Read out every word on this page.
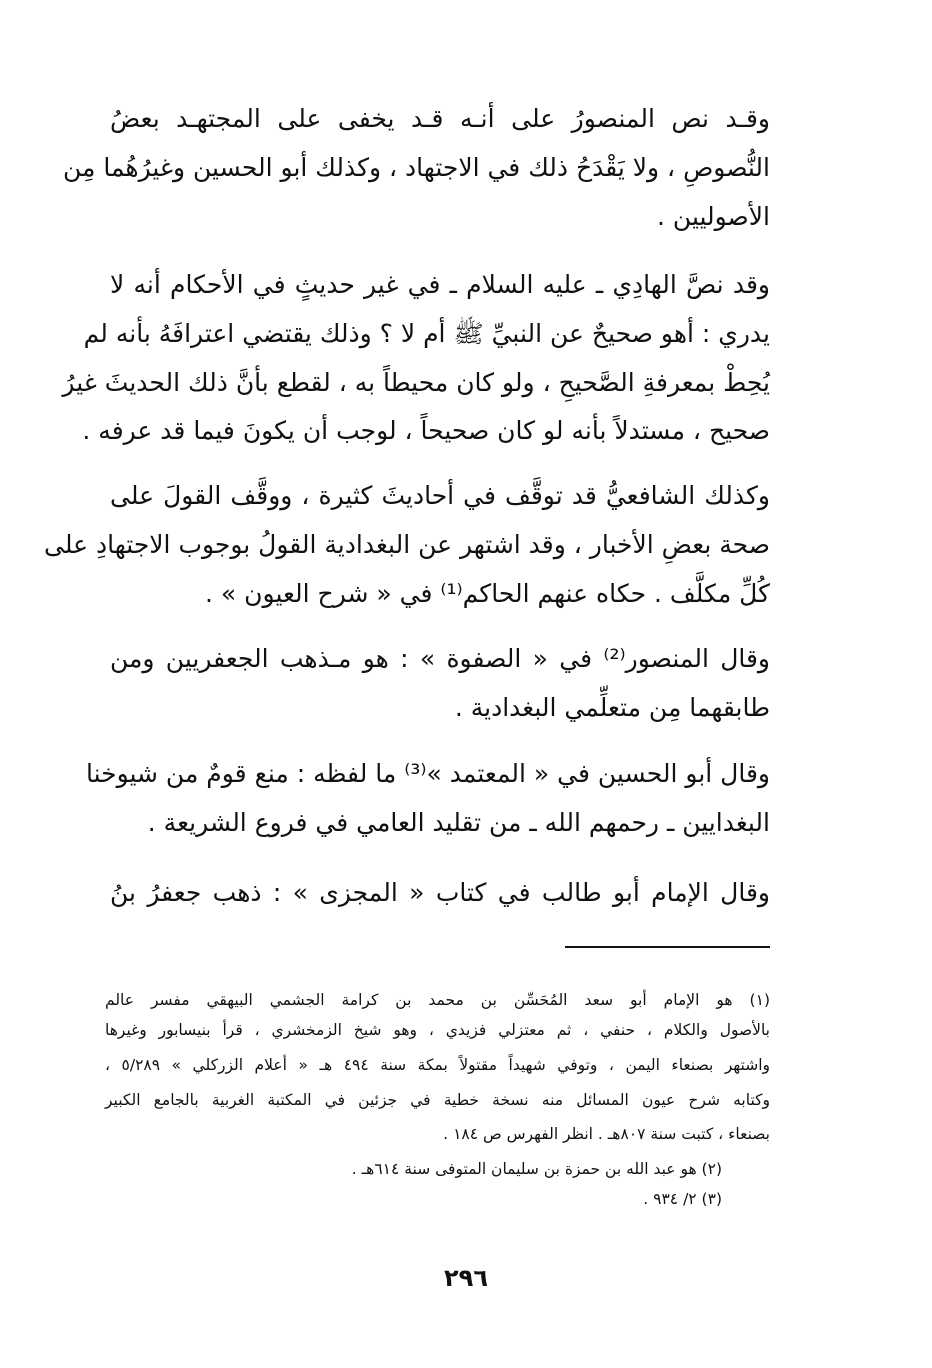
وقـد نص المنصورُ على أنـه قـد يخفى على المجتهـد بعضُ
النُّصوصِ ، ولا يَقْدَحُ ذلك في الاجتهاد ، وكذلك أبو الحسين وغيرُهُما مِن
الأصوليين .
وقد نصَّ الهادِي ـ عليه السلام ـ في غير حديثٍ في الأحكام أنه لا
يدري : أهو صحيحٌ عن النبيِّ ﷺ أم لا ؟ وذلك يقتضي اعترافَهُ بأنه لم
يُحِطْ بمعرفةِ الصَّحيحِ ، ولو كان محيطاً به ، لقطع بأنَّ ذلك الحديثَ غيرُ
صحيح ، مستدلاً بأنه لو كان صحيحاً ، لوجب أن يكونَ فيما قد عرفه .
وكذلك الشافعيُّ قد توقَّف في أحاديثَ كثيرة ، ووقَّف القولَ على
صحة بعضِ الأخبار ، وقد اشتهر عن البغدادية القولُ بوجوب الاجتهادِ على
كُلِّ مكلَّف . حكاه عنهم الحاكم⁽¹⁾ في « شرح العيون » .
وقال المنصور⁽²⁾ في « الصفوة » : هو مـذهب الجعفريين ومن
طابقهما مِن متعلِّمي البغدادية .
وقال أبو الحسين في « المعتمد »⁽³⁾ ما لفظه : منع قومٌ من شيوخنا
البغدايين ـ رحمهم الله ـ من تقليد العامي في فروع الشريعة .
وقال الإمام أبو طالب في كتاب « المجزى » : ذهب جعفرُ بنُ
(١) هو الإمام أبو سعد المُحَسِّن بن محمد بن كرامة الجشمي البيهقي مفسر عالم
بالأصول والكلام ، حنفي ، ثم معتزلي فزيدي ، وهو شيخ الزمخشري ، قرأ بنيسابور وغيرها
واشتهر بصنعاء اليمن ، وتوفي شهيداً مقتولاً بمكة سنة ٤٩٤ هـ « أعلام الزركلي » ٥/٢٨٩ ،
وكتابه شرح عيون المسائل منه نسخة خطية في جزئين في المكتبة الغربية بالجامع الكبير
بصنعاء ، كتبت سنة ٨٠٧هـ . انظر الفهرس ص ١٨٤ .
(٢) هو عبد الله بن حمزة بن سليمان المتوفى سنة ٦١٤هـ .
(٣) ٢/ ٩٣٤ .
٢٩٦
